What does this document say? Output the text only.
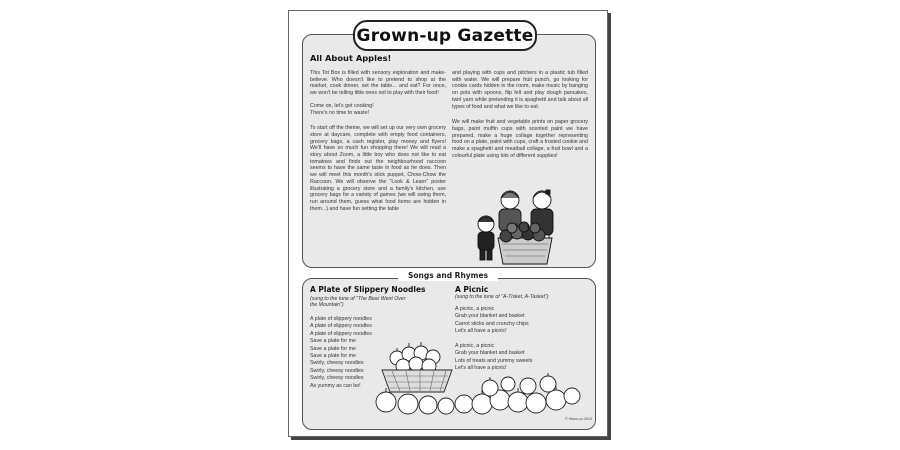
Grown-up Gazette
All About Apples!

This Tot Box is filled with sensory exploration and make-believe. Who doesn't like to pretend to shop at the market, cook dinner, set the table... and eat? For once, we won't be telling little ones not to play with their food!

Come on, let's get cooking!
There's no time to waste!

To start off the theme, we will set up our very own grocery store at daycare, complete with empty food containers, grocery bags, a cash register, play money and flyers! We'll have so much fun shopping there! We will read a story about Zoom, a little boy who does not like to eat tomatoes and finds out the neighbourhood raccoon seems to have the same taste in food as he does. Then we will meet this month's stick puppet, Chow-Chow the Raccoon. We will observe the "Look & Learn" poster illustrating a grocery store and a family's kitchen, use grocery bags for a variety of games (we will swing them, run around them, guess what food items are hidden in them...) and have fun setting the table

and playing with cups and pitchers in a plastic tub filled with water. We will prepare fruit punch, go looking for cookie cards hidden in the room, make music by banging on pots with spoons, flip felt and play dough pancakes, twirl yarn while pretending it is spaghetti and talk about all types of food and what we like to eat.

We will make fruit and vegetable prints on paper grocery bags, paint muffin cups with scented paint we have prepared, make a huge collage together representing food on a plate, paint with cups, craft a frosted cookie and make a spaghetti and meatball collage, a fruit bowl and a colourful plate using lots of different supplies!

Songs and Rhymes
A Plate of Slippery Noodles
(sung to the tune of "The Bear Went Over the Mountain")
A plate of slippery noodles
A plate of slippery noodles
A plate of slippery noodles
Save a plate for me
Save a plate for me
Save a plate for me
Swirly, cheesy noodles
Swirly, cheesy noodles
Swirly, cheesy noodles
As yummy as can be!
A Picnic
(sung to the tune of "A-Tisket, A-Tasket")
A picnic, a picnic
Grab your blanket and basket
Carrot sticks and crunchy chips
Let's all have a picnic!
A picnic, a picnic
Grab your blanket and basket
Lots of treats and yummy sweets
Let's all have a picnic!
© Hibou-co 2015
